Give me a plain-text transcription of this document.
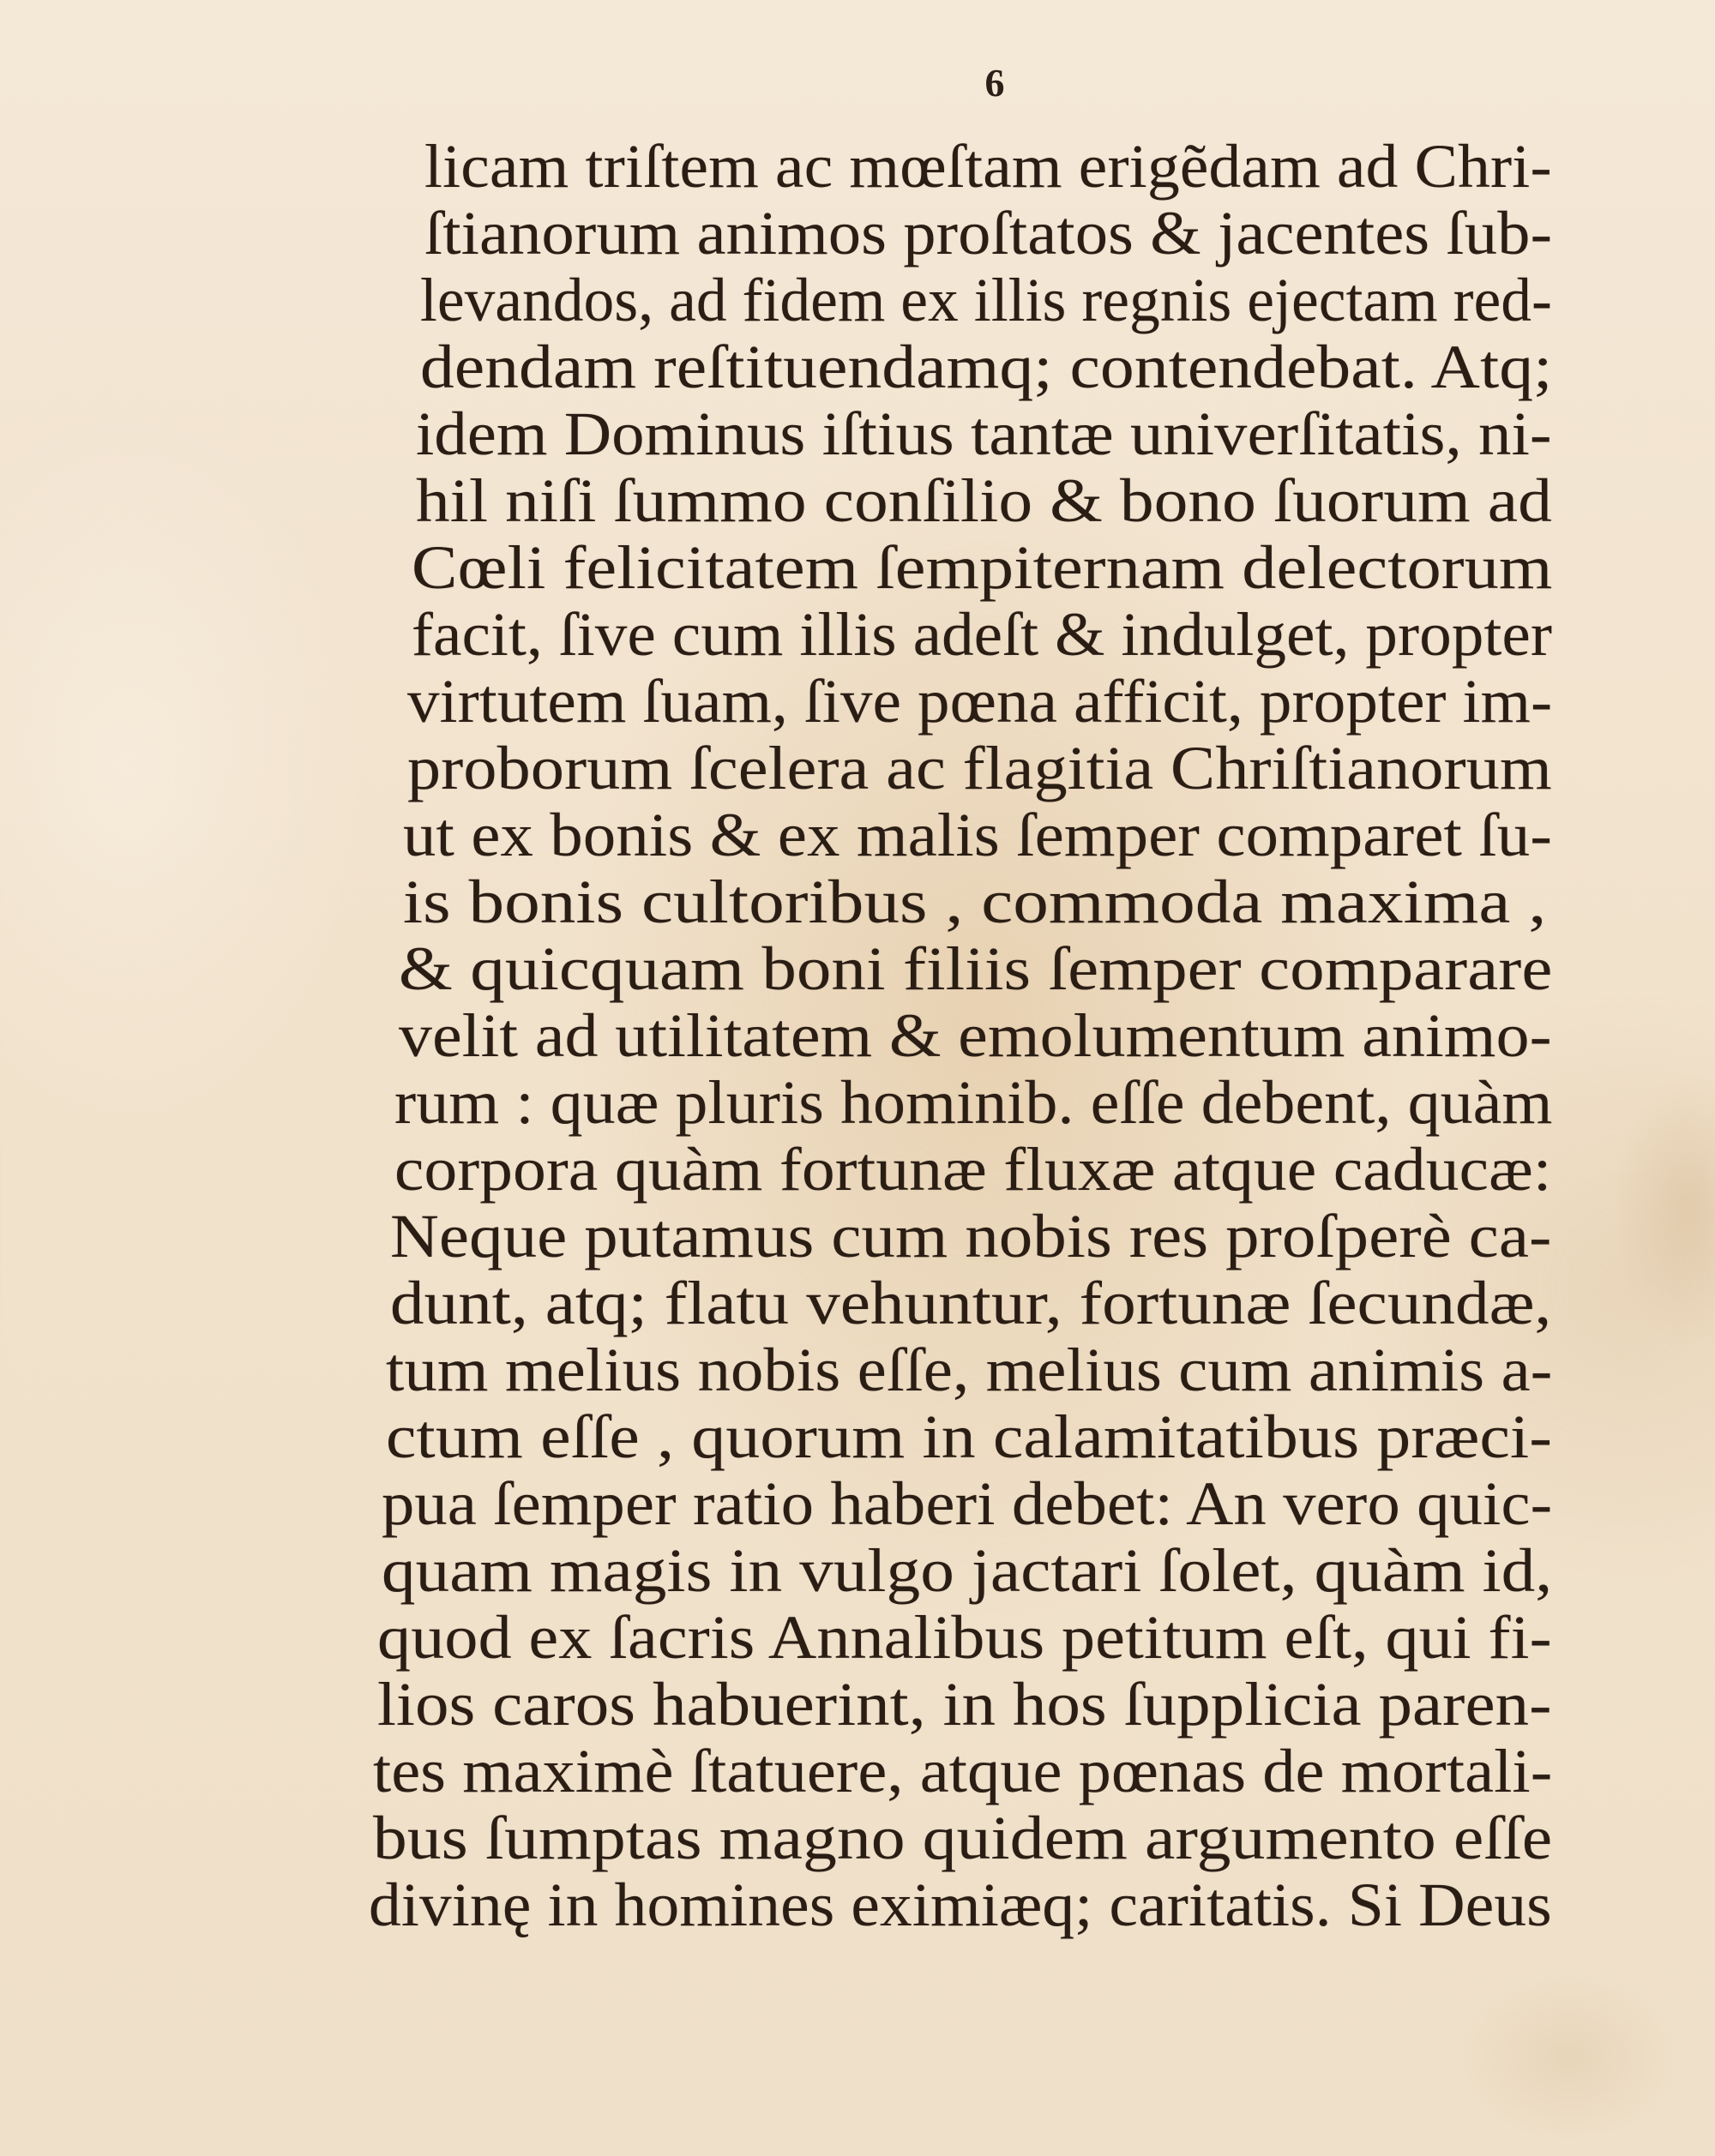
6
licam triſtem ac mœſtam erigẽdam ad Chri-
ſtianorum animos proſtatos & jacentes ſub-
levandos, ad fidem ex illis regnis ejectam red-
dendam reſtituendamq; contendebat. Atq;
idem Dominus iſtius tantæ univerſitatis, ni-
hil niſi ſummo conſilio & bono ſuorum ad
Cœli felicitatem ſempiternam delectorum
facit, ſive cum illis adeſt & indulget, propter
virtutem ſuam, ſive pœna afficit, propter im-
proborum ſcelera ac flagitia Chriſtianorum
ut ex bonis & ex malis ſemper comparet ſu-
is bonis cultoribus , commoda maxima ,
& quicquam boni filiis ſemper comparare
velit ad utilitatem & emolumentum animo-
rum : quæ pluris hominib. eſſe debent, quàm
corpora quàm fortunæ fluxæ atque caducæ:
Neque putamus cum nobis res proſperè ca-
dunt, atq; flatu vehuntur, fortunæ ſecundæ,
tum melius nobis eſſe, melius cum animis a-
ctum eſſe , quorum in calamitatibus præci-
pua ſemper ratio haberi debet: An vero quic-
quam magis in vulgo jactari ſolet, quàm id,
quod ex ſacris Annalibus petitum eſt, qui fi-
lios caros habuerint, in hos ſupplicia paren-
tes maximè ſtatuere, atque pœnas de mortali-
bus ſumptas magno quidem argumento eſſe
divinę in homines eximiæq; caritatis. Si Deus
